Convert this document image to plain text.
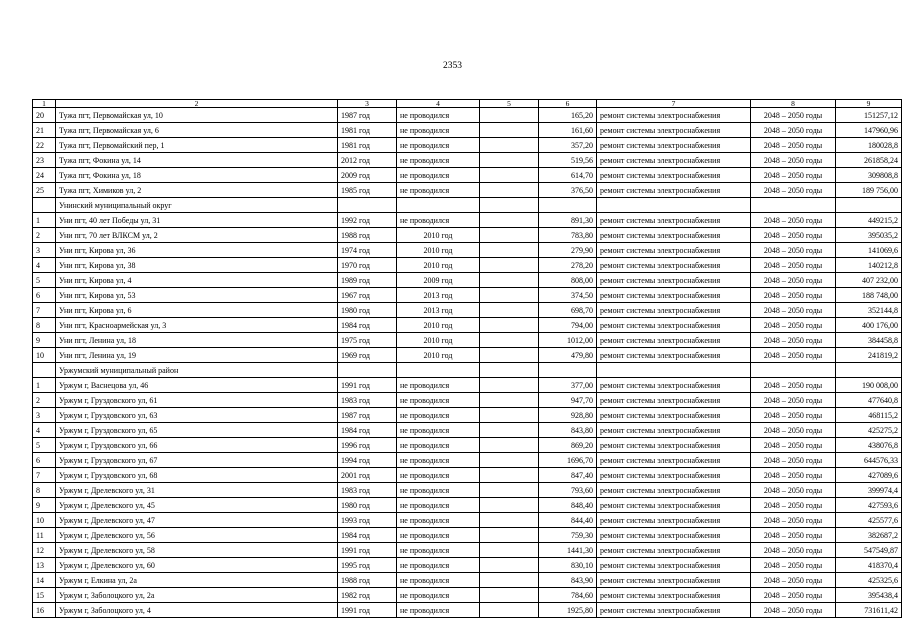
2353
1	2	3	4	5	6	7	8	9
20	Тужа пгт, Первомайская ул, 10	1987 год	не проводился		165,20	ремонт системы электроснабжения	2048 – 2050 годы	151257,12
21	Тужа пгт, Первомайская ул, 6	1981 год	не проводился		161,60	ремонт системы электроснабжения	2048 – 2050 годы	147960,96
22	Тужа пгт, Первомайский пер, 1	1981 год	не проводился		357,20	ремонт системы электроснабжения	2048 – 2050 годы	180028,8
23	Тужа пгт, Фокина ул, 14	2012 год	не проводился		519,56	ремонт системы электроснабжения	2048 – 2050 годы	261858,24
24	Тужа пгт, Фокина ул, 18	2009 год	не проводился		614,70	ремонт системы электроснабжения	2048 – 2050 годы	309808,8
25	Тужа пгт, Химиков ул, 2	1985 год	не проводился		376,50	ремонт системы электроснабжения	2048 – 2050 годы	189 756,00
	Унинский муниципальный округ							
1	Уни пгт, 40 лет Победы ул, 31	1992 год	не проводился		891,30	ремонт системы электроснабжения	2048 – 2050 годы	449215,2
2	Уни пгт, 70 лет ВЛКСМ ул, 2	1988 год	2010 год		783,80	ремонт системы электроснабжения	2048 – 2050 годы	395035,2
3	Уни пгт, Кирова ул, 36	1974 год	2010 год		279,90	ремонт системы электроснабжения	2048 – 2050 годы	141069,6
4	Уни пгт, Кирова ул, 38	1970 год	2010 год		278,20	ремонт системы электроснабжения	2048 – 2050 годы	140212,8
5	Уни пгт, Кирова ул, 4	1989 год	2009 год		808,00	ремонт системы электроснабжения	2048 – 2050 годы	407 232,00
6	Уни пгт, Кирова ул, 53	1967 год	2013 год		374,50	ремонт системы электроснабжения	2048 – 2050 годы	188 748,00
7	Уни пгт, Кирова ул, 6	1980 год	2013 год		698,70	ремонт системы электроснабжения	2048 – 2050 годы	352144,8
8	Уни пгт, Красноармейская ул, 3	1984 год	2010 год		794,00	ремонт системы электроснабжения	2048 – 2050 годы	400 176,00
9	Уни пгт, Ленина ул, 18	1975 год	2010 год		1012,00	ремонт системы электроснабжения	2048 – 2050 годы	384458,8
10	Уни пгт, Ленина ул, 19	1969 год	2010 год		479,80	ремонт системы электроснабжения	2048 – 2050 годы	241819,2
	Уржумский муниципальный район							
1	Уржум г, Васнецова ул, 46	1991 год	не проводился		377,00	ремонт системы электроснабжения	2048 – 2050 годы	190 008,00
2	Уржум г, Груздовского ул, 61	1983 год	не проводился		947,70	ремонт системы электроснабжения	2048 – 2050 годы	477640,8
3	Уржум г, Груздовского ул, 63	1987 год	не проводился		928,80	ремонт системы электроснабжения	2048 – 2050 годы	468115,2
4	Уржум г, Груздовского ул, 65	1984 год	не проводился		843,80	ремонт системы электроснабжения	2048 – 2050 годы	425275,2
5	Уржум г, Груздовского ул, 66	1996 год	не проводился		869,20	ремонт системы электроснабжения	2048 – 2050 годы	438076,8
6	Уржум г, Груздовского ул, 67	1994 год	не проводился		1696,70	ремонт системы электроснабжения	2048 – 2050 годы	644576,33
7	Уржум г, Груздовского ул, 68	2001 год	не проводился		847,40	ремонт системы электроснабжения	2048 – 2050 годы	427089,6
8	Уржум г, Дрелевского ул, 31	1983 год	не проводился		793,60	ремонт системы электроснабжения	2048 – 2050 годы	399974,4
9	Уржум г, Дрелевского ул, 45	1980 год	не проводился		848,40	ремонт системы электроснабжения	2048 – 2050 годы	427593,6
10	Уржум г, Дрелевского ул, 47	1993 год	не проводился		844,40	ремонт системы электроснабжения	2048 – 2050 годы	425577,6
11	Уржум г, Дрелевского ул, 56	1984 год	не проводился		759,30	ремонт системы электроснабжения	2048 – 2050 годы	382687,2
12	Уржум г, Дрелевского ул, 58	1991 год	не проводился		1441,30	ремонт системы электроснабжения	2048 – 2050 годы	547549,87
13	Уржум г, Дрелевского ул, 60	1995 год	не проводился		830,10	ремонт системы электроснабжения	2048 – 2050 годы	418370,4
14	Уржум г, Елкина ул, 2а	1988 год	не проводился		843,90	ремонт системы электроснабжения	2048 – 2050 годы	425325,6
15	Уржум г, Заболоцкого ул, 2а	1982 год	не проводился		784,60	ремонт системы электроснабжения	2048 – 2050 годы	395438,4
16	Уржум г, Заболоцкого ул, 4	1991 год	не проводился		1925,80	ремонт системы электроснабжения	2048 – 2050 годы	731611,42
